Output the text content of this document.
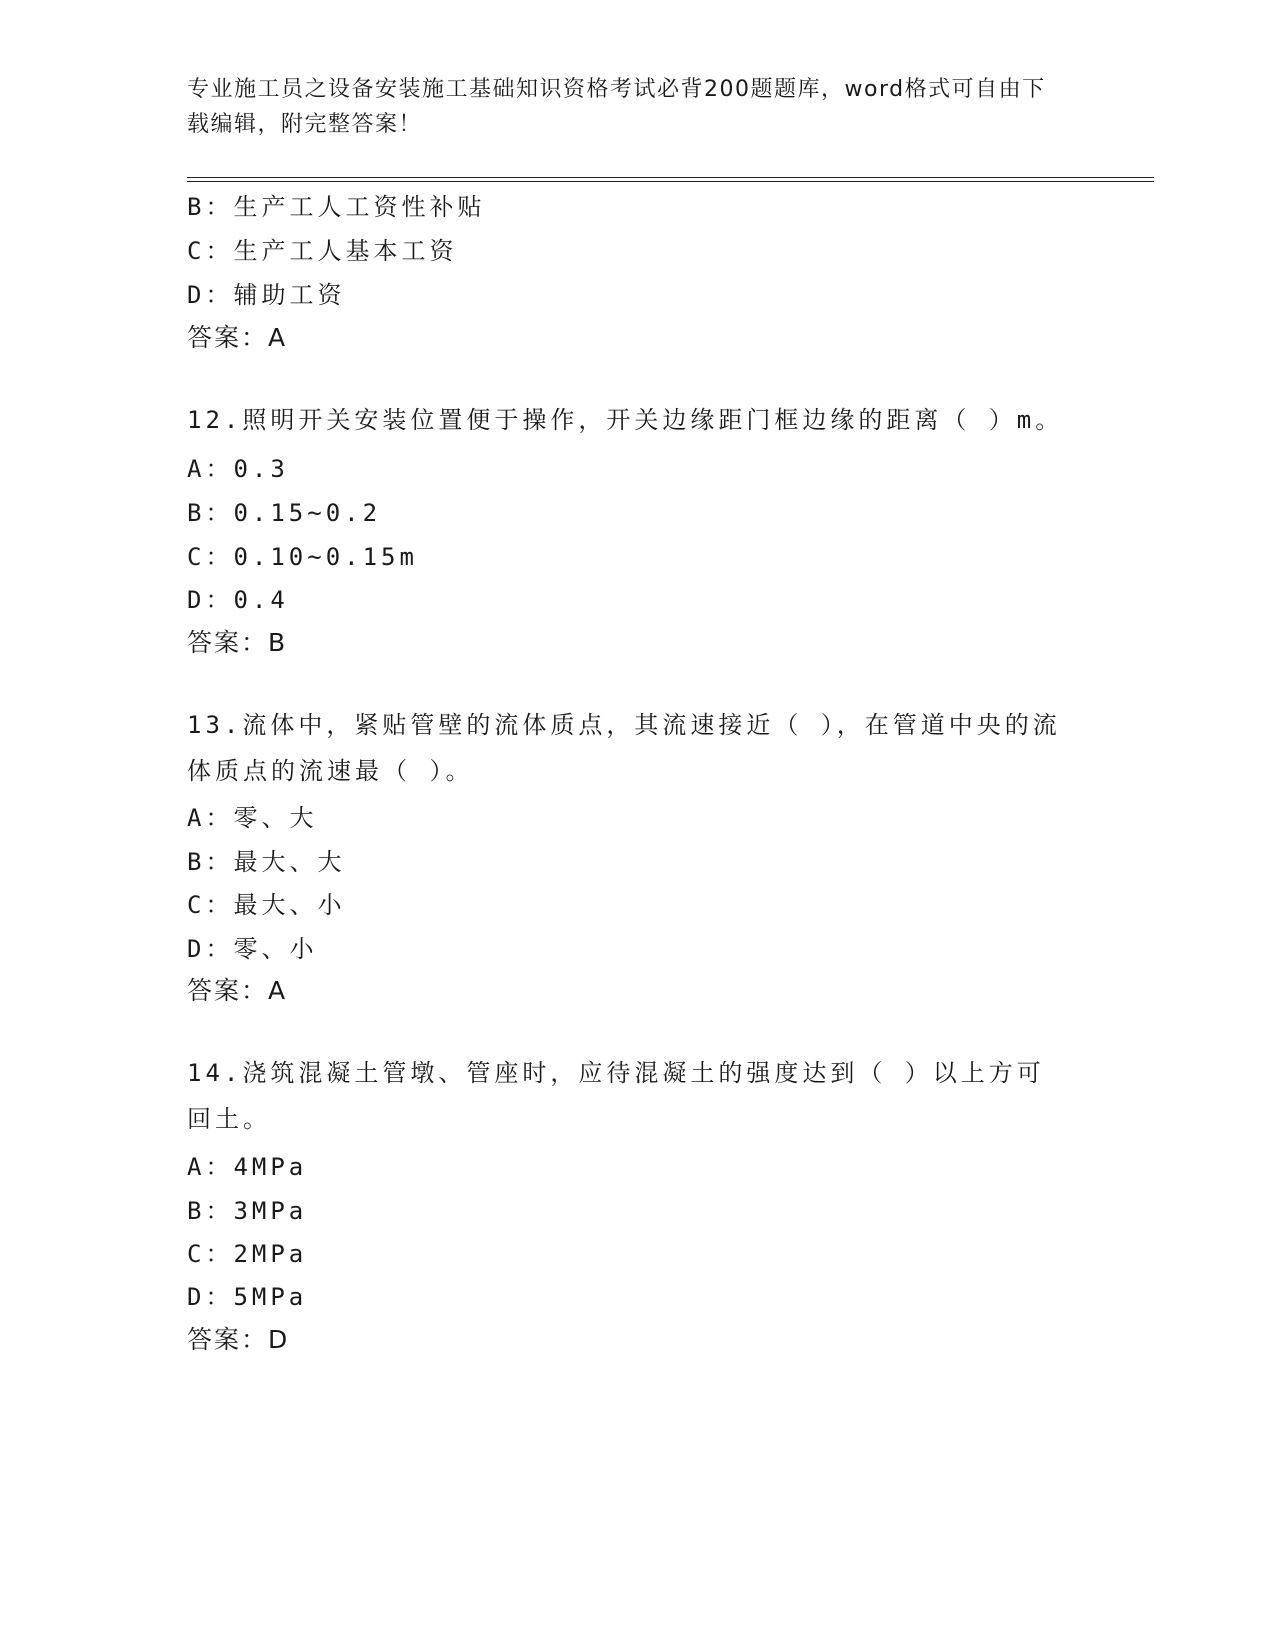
专业施工员之设备安装施工基础知识资格考试必背200题题库，word格式可自由下载编辑，附完整答案！
B：生产工人工资性补贴
C：生产工人基本工资
D：辅助工资
答案：A
12.照明开关安装位置便于操作，开关边缘距门框边缘的距离（ ）m。
A：0.3
B：0.15~0.2
C：0.10~0.15m
D：0.4
答案：B
13.流体中，紧贴管壁的流体质点，其流速接近（ ），在管道中央的流体质点的流速最（ ）。
A：零、大
B：最大、大
C：最大、小
D：零、小
答案：A
14.浇筑混凝土管墩、管座时，应待混凝土的强度达到（ ）以上方可回土。
A：4MPa
B：3MPa
C：2MPa
D：5MPa
答案：D
